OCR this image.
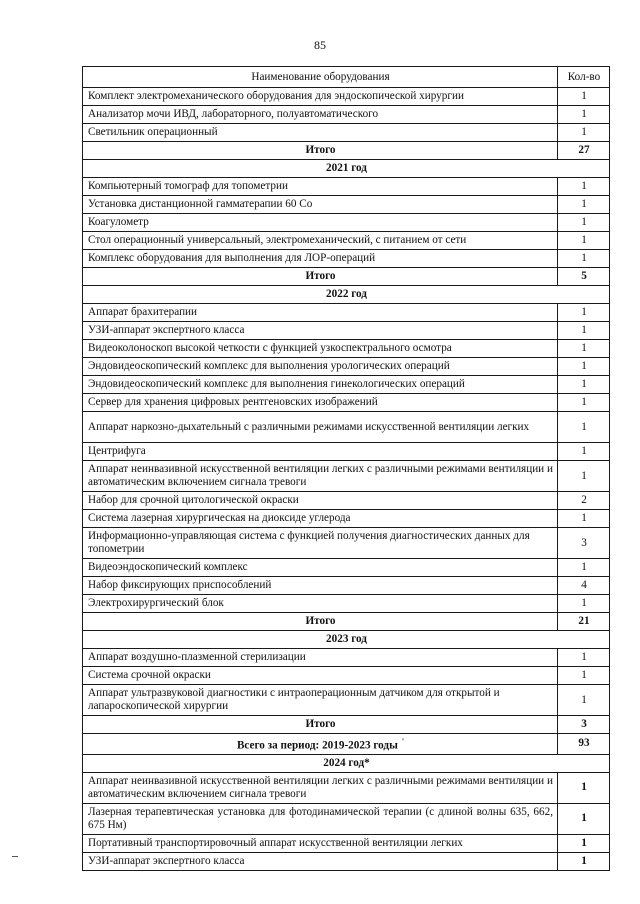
85
Наименование оборудования	Кол-во
Комплект электромеханического оборудования для эндоскопической хирургии	1
Анализатор мочи ИВД, лабораторного, полуавтоматического	1
Светильник операционный	1
Итого	27
2021 год	
Компьютерный томограф для топометрии	1
Установка дистанционной гамматерапии 60 Со	1
Коагулометр	1
Стол операционный универсальный, электромеханический, с питанием от сети	1
Комплекс оборудования для выполнения для ЛОР-операций	1
Итого	5
2022 год	
Аппарат брахитерапии	1
УЗИ-аппарат экспертного класса	1
Видеоколоноскоп высокой четкости с функцией узкоспектрального осмотра	1
Эндовидеоскопический комплекс для выполнения урологических операций	1
Эндовидеоскопический комплекс для выполнения гинекологических операций	1
Сервер для хранения цифровых рентгеновских изображений	1
Аппарат наркозно-дыхательный с различными режимами искусственной вентиляции легких	1
Центрифуга	1
Аппарат неинвазивной искусственной вентиляции легких с различными режимами вентиляции и автоматическим включением сигнала тревоги	1
Набор для срочной цитологической окраски	2
Система лазерная хирургическая на диоксиде углерода	1
Информационно-управляющая система с функцией получения диагностических данных для топометрии	3
Видеоэндоскопический комплекс	1
Набор фиксирующих приспособлений	4
Электрохирургический блок	1
Итого	21
2023 год	
Аппарат воздушно-плазменной стерилизации	1
Система срочной окраски	1
Аппарат ультразвуковой диагностики с интраоперационным датчиком для открытой и лапароскопической хирургии	1
Итого	3
Всего за период: 2019-2023 годы '	93
2024 год*	
Аппарат неинвазивной искусственной вентиляции легких с различными режимами вентиляции и автоматическим включением сигнала тревоги	1
Лазерная терапевтическая установка для фотодинамической терапии (с длиной волны 635, 662, 675 Нм)	1
Портативный транспортировочный аппарат искусственной вентиляции легких	1
УЗИ-аппарат экспертного класса	1
